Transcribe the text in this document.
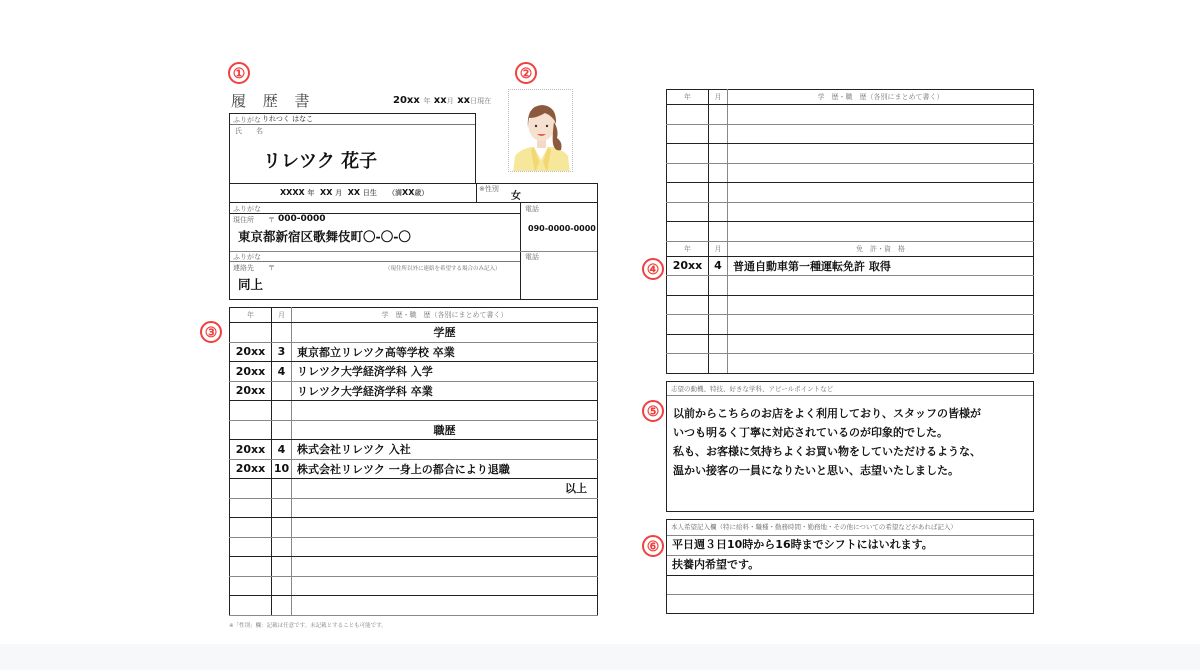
①	②
③
④
⑤
⑥
履 歴 書	20xx 年 xx月 xx日現在
ふりがな りれつく はなこ
氏　　名
リレツク 花子
XXXX 年 XX 月 XX 日生 （満XX歳）	※性別
女
ふりがな
現住所 〒 000-0000
東京都新宿区歌舞伎町〇-〇-〇
電話
090-0000-0000
ふりがな
連絡先 〒	（現住所以外に連絡を希望する場合のみ記入）
同上
電話
年	月	学　歴・職　歴（各別にまとめて書く）
		学歴
20xx	3	東京都立リレツク高等学校 卒業
20xx	4	リレツク大学経済学科 入学
20xx		リレツク大学経済学科 卒業

		職歴
20xx	4	株式会社リレツク 入社
20xx	10	株式会社リレツク 一身上の都合により退職
		以上

※「性別」欄：記載は任意です。未記載とすることも可能です。
年	月	学　歴・職　歴（各別にまとめて書く）

年	月	免　許・資　格
20xx	4	普通自動車第一種運転免許 取得

志望の動機、特技、好きな学科、アピールポイントなど
以前からこちらのお店をよく利用しており、スタッフの皆様が
いつも明るく丁寧に対応されているのが印象的でした。
私も、お客様に気持ちよくお買い物をしていただけるような、
温かい接客の一員になりたいと思い、志望いたしました。
本人希望記入欄（特に給料・職種・勤務時間・勤務地・その他についての希望などがあれば記入）
平日週３日10時から16時までシフトにはいれます。
扶養内希望です。
